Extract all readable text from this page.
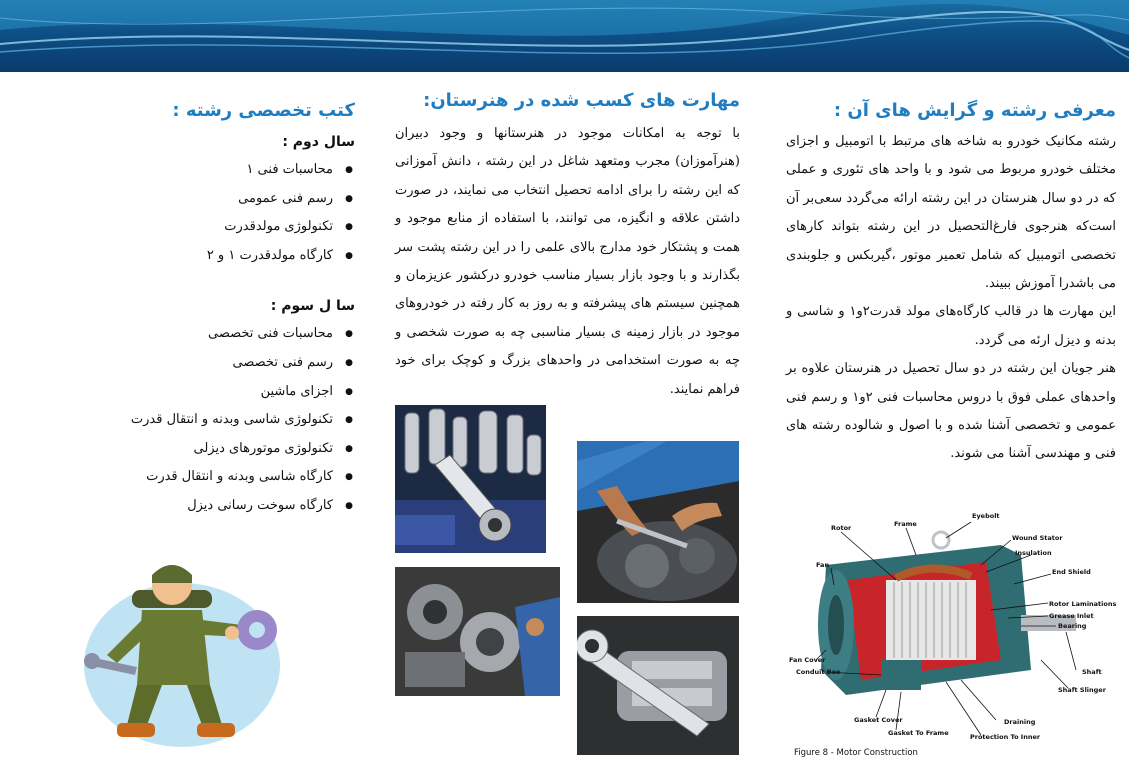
معرفی رشته و گرایش های آن :
رشته مکانیک خودرو به شاخه های مرتبط با اتومبیل و اجزای مختلف خودرو مربوط می شود و با واحد های تئوری و عملی که در دو سال هنرستان در این رشته ارائه می‌گردد سعی‌بر آن است‌که هنرجوی فارغ‌التحصیل در این رشته بتواند کارهای تخصصی اتومبیل که شامل تعمیر موتور ،گیربکس و جلوبندی می باشدرا آموزش ببیند.
این مهارت ها در قالب کارگاه‌های مولد قدرت۲و۱ و شاسی و بدنه و دیزل ارئه می گردد.
هنر جویان این رشته در دو سال تحصیل در هنرستان علاوه بر واحدهای عملی فوق با دروس محاسبات فنی ۲و۱ و رسم فنی عمومی و تخصصی آشنا شده و با اصول و شالوده رشته های فنی و مهندسی آشنا می شوند.
مهارت های کسب شده در هنرستان:
با توجه به امکانات موجود در هنرستانها و وجود دبیران (هنرآموزان) مجرب ومتعهد شاغل در این رشته ، دانش آموزانی که این رشته را برای ادامه تحصیل انتخاب می نمایند، در صورت داشتن علاقه و انگیزه، می توانند، با استفاده از منابع موجود و همت و پشتکار خود مدارج بالای علمی را در این رشته پشت سر بگذارند و با وجود بازار بسیار مناسب خودرو درکشور عزیزمان و همچنین سیستم های پیشرفته و به روز به کار رفته در خودروهای موجود در بازار زمینه ی بسیار مناسبی چه به صورت شخصی و چه به صورت استخدامی در واحدهای بزرگ و کوچک برای خود فراهم نمایند.
کتب تخصصی رشته :
سال دوم :
● محاسبات فنی ۱
● رسم فنی عمومی
● تکنولوژی مولدقدرت
● کارگاه مولدقدرت ۱ و ۲
سا ل سوم :
● محاسبات فنی تخصصی
● رسم فنی تخصصی
● اجزای ماشین
● تکنولوژی شاسی وبدنه و انتقال قدرت
● تکنولوژی موتورهای دیزلی
● کارگاه شاسی وبدنه و انتقال قدرت
● کارگاه سوخت رسانی دیزل
Eyebolt
Frame
Rotor
Wound Stator
Insulation
Fan
End Shield
Rotor Laminations
Grease Inlet
Bearing
Fan Cover
Conduit Box	Shaft
Shaft Slinger
Gasket Cover
Gasket To Frame	Protection To Inner
Draining
Figure 8 - Motor Construction
